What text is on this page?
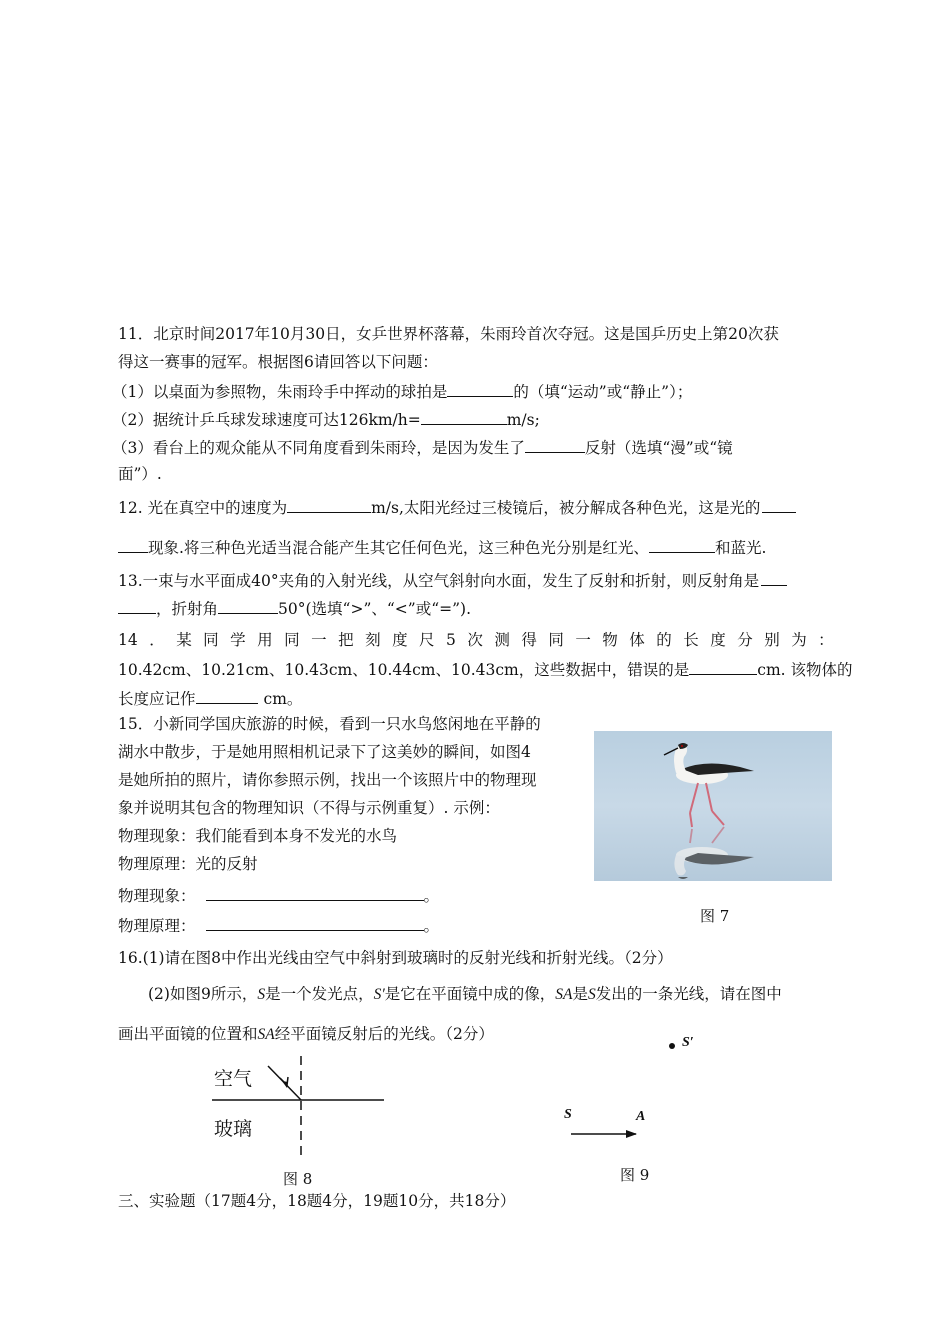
11．北京时间2017年10月30日，女乒世界杯落幕，朱雨玲首次夺冠。这是国乒历史上第20次获
得这一赛事的冠军。根据图6请回答以下问题：
（1）以桌面为参照物，朱雨玲手中挥动的球拍是	的（填“运动”或“静止”）；
（2）据统计乒乓球发球速度可达126km/h=	m/s;
（3）看台上的观众能从不同角度看到朱雨玲，是因为发生了	反射（选填“漫”或“镜
面”）.
12. 光在真空中的速度为	m/s,太阳光经过三棱镜后，被分解成各种色光，这是光的
现象.将三种色光适当混合能产生其它任何色光，这三种色光分别是红光、	和蓝光.
13.一束与水平面成40°夹角的入射光线，从空气斜射向水面，发生了反射和折射，则反射角是
，折射角	50°(选填“>”、“<”或“=”).
14 ． 某 同 学 用 同 一 把 刻 度 尺 5 次 测 得 同 一 物 体 的 长 度 分 别 为 ：
10.42cm、10.21cm、10.43cm、10.44cm、10.43cm，这些数据中，错误的是	cm. 该物体的
长度应记作	cm。
15．小新同学国庆旅游的时候，看到一只水鸟悠闲地在平静的
湖水中散步，于是她用照相机记录下了这美妙的瞬间，如图4
是她所拍的照片，请你参照示例，找出一个该照片中的物理现
象并说明其包含的物理知识（不得与示例重复）. 示例：
物理现象：我们能看到本身不发光的水鸟
物理原理：光的反射
物理现象：	。
物理原理：	。
图 7
16.(1)请在图8中作出光线由空气中斜射到玻璃时的反射光线和折射光线。（2分）
(2)如图9所示，S是一个发光点，S′是它在平面镜中成的像，SA是S发出的一条光线，请在图中
画出平面镜的位置和SA经平面镜反射后的光线。（2分）
空气
玻璃
图 8
S′
S	A
图 9
三、实验题（17题4分，18题4分，19题10分，共18分）
